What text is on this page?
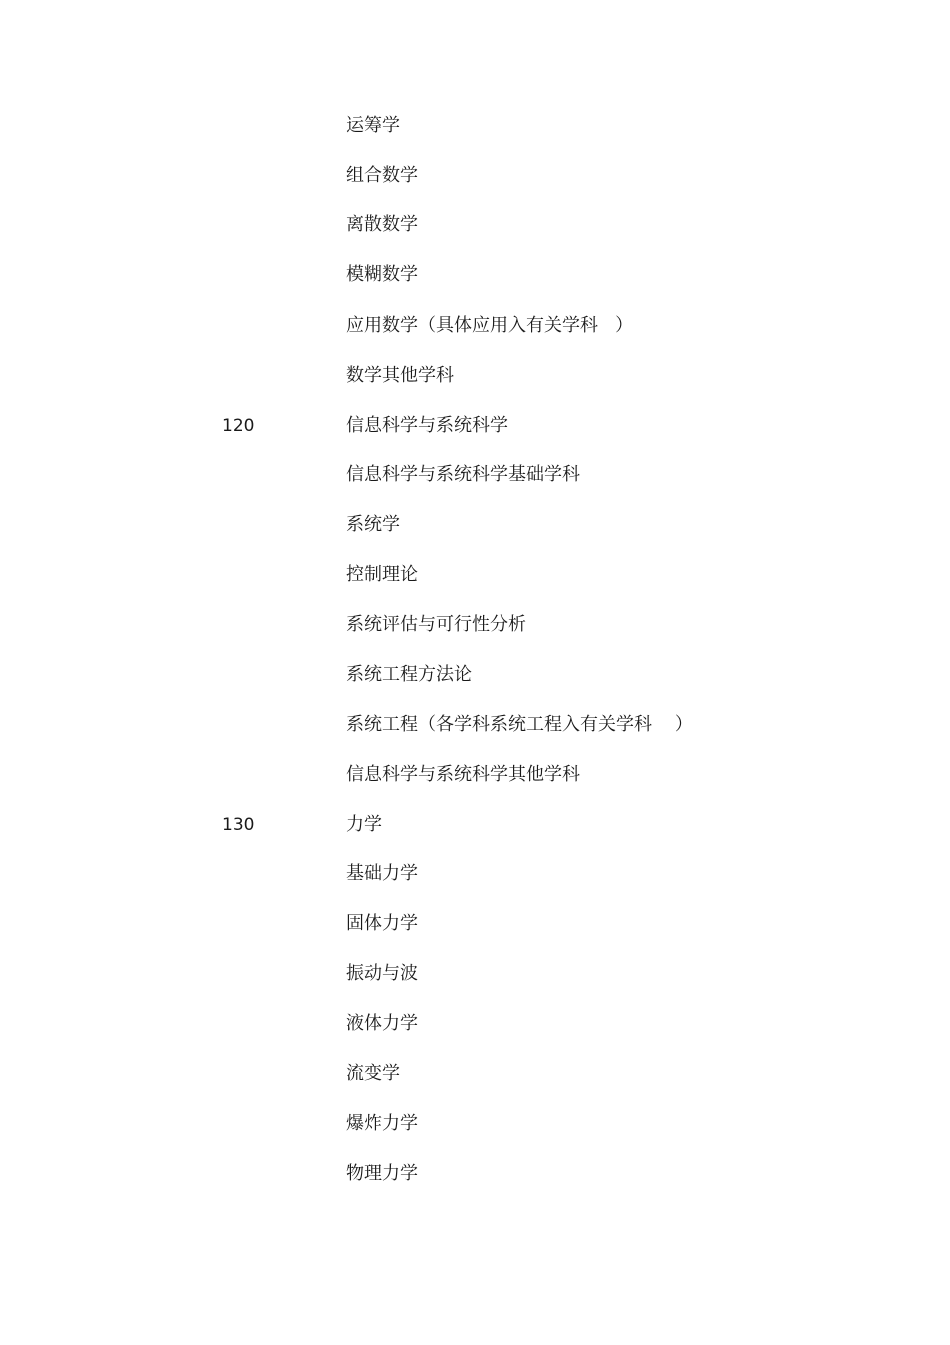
运筹学
组合数学
离散数学
模糊数学
应用数学（具体应用入有关学科   ）
数学其他学科
120	信息科学与系统科学
信息科学与系统科学基础学科
系统学
控制理论
系统评估与可行性分析
系统工程方法论
系统工程（各学科系统工程入有关学科    ）
信息科学与系统科学其他学科
130	力学
基础力学
固体力学
振动与波
液体力学
流变学
爆炸力学
物理力学
